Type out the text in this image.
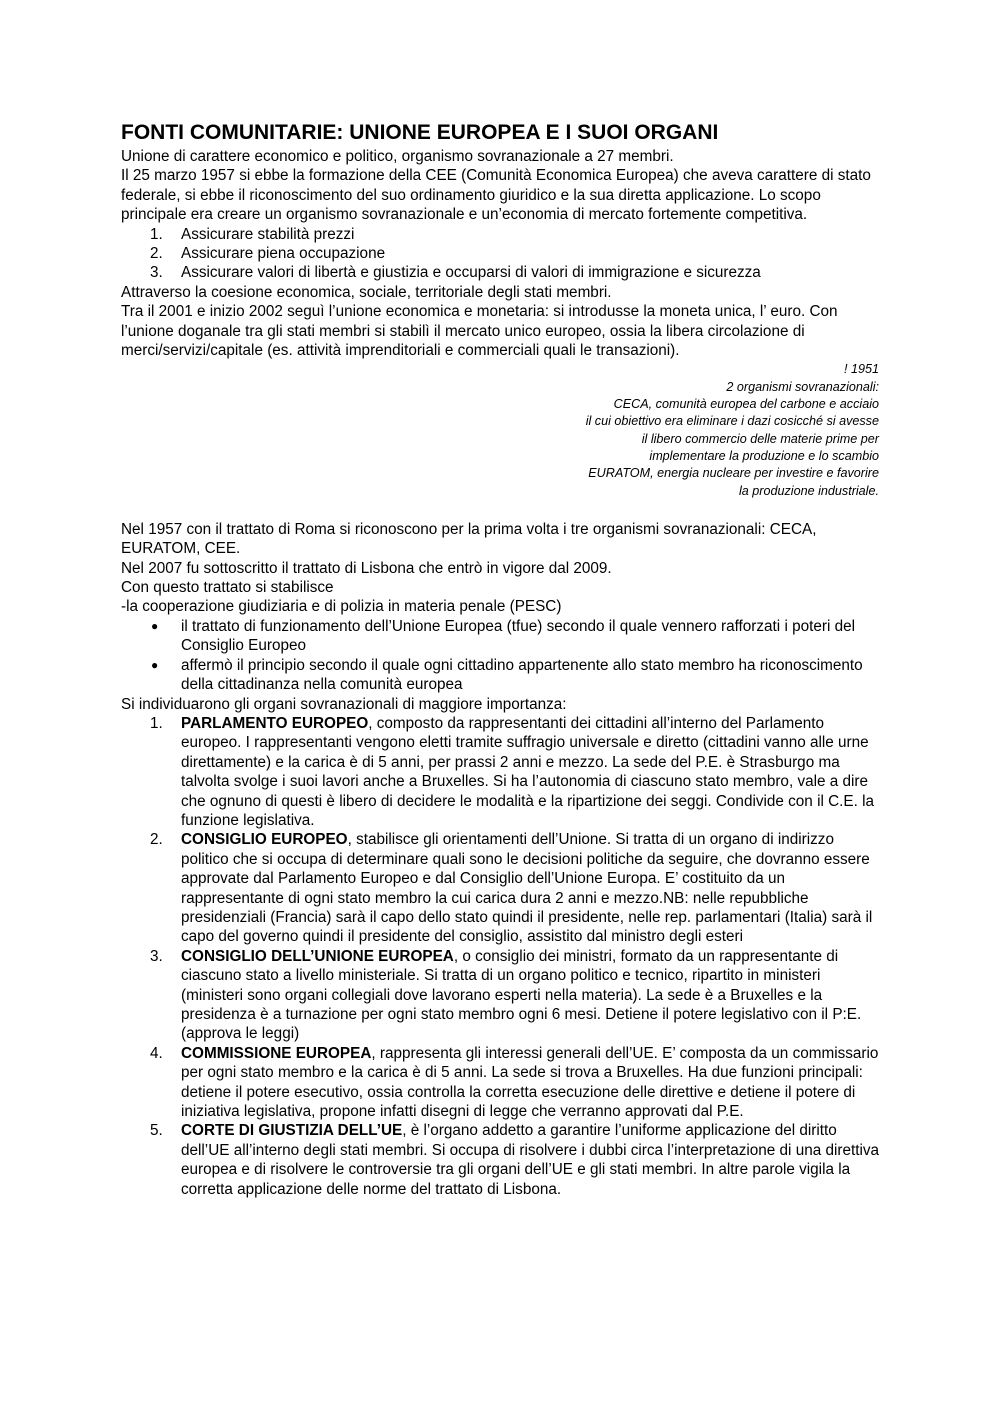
FONTI COMUNITARIE: UNIONE EUROPEA E I SUOI ORGANI

Unione di carattere economico e politico, organismo sovranazionale a 27 membri.

Il 25 marzo 1957 si ebbe la formazione della CEE (Comunità Economica Europea) che aveva carattere di stato federale, si ebbe il riconoscimento del suo ordinamento giuridico e la sua diretta applicazione. Lo scopo principale era creare un organismo sovranazionale e un’economia di mercato fortemente competitiva.

1.	Assicurare stabilità prezzi
2.	Assicurare piena occupazione
3.	Assicurare valori di libertà e giustizia e occuparsi di valori di immigrazione e sicurezza

Attraverso la coesione economica, sociale, territoriale degli stati membri.

Tra il 2001 e inizio 2002 seguì l’unione economica e monetaria: si introdusse la moneta unica, l’ euro. Con l’unione doganale tra gli stati membri si stabilì il mercato unico europeo, ossia la libera circolazione di merci/servizi/capitale (es. attività imprenditoriali e commerciali quali le transazioni).

! 1951
2 organismi sovranazionali:
CECA, comunità europea del carbone e acciaio
il cui obiettivo era eliminare i dazi cosicché si avesse
il libero commercio delle materie prime per
implementare la produzione e lo scambio
EURATOM, energia nucleare per investire e favorire
la produzione industriale.

Nel 1957 con il trattato di Roma si riconoscono per la prima volta i tre organismi sovranazionali: CECA, EURATOM, CEE.

Nel 2007 fu sottoscritto il trattato di Lisbona che entrò in vigore dal 2009.

Con questo trattato si stabilisce

-la cooperazione giudiziaria e di polizia in materia penale (PESC)

● il trattato di funzionamento dell’Unione Europea (tfue) secondo il quale vennero rafforzati i poteri del Consiglio Europeo
● affermò il principio secondo il quale ogni cittadino appartenente allo stato membro ha riconoscimento della cittadinanza nella comunità europea

Si individuarono gli organi sovranazionali di maggiore importanza:

1.	PARLAMENTO EUROPEO, composto da rappresentanti dei cittadini all’interno del Parlamento europeo. I rappresentanti vengono eletti tramite suffragio universale e diretto (cittadini vanno alle urne direttamente) e la carica è di 5 anni, per prassi 2 anni e mezzo. La sede del P.E. è Strasburgo ma talvolta svolge i suoi lavori anche a Bruxelles. Si ha l’autonomia di ciascuno stato membro, vale a dire che ognuno di questi è libero di decidere le modalità e la ripartizione dei seggi. Condivide con il C.E. la funzione legislativa.
2.	CONSIGLIO EUROPEO, stabilisce gli orientamenti dell’Unione. Si tratta di un organo di indirizzo politico che si occupa di determinare quali sono le decisioni politiche da seguire, che dovranno essere approvate dal Parlamento Europeo e dal Consiglio dell’Unione Europa. E’ costituito da un rappresentante di ogni stato membro la cui carica dura 2 anni e mezzo.NB: nelle repubbliche presidenziali (Francia) sarà il capo dello stato quindi il presidente, nelle rep. parlamentari (Italia) sarà il capo del governo quindi il presidente del consiglio, assistito dal ministro degli esteri
3.	CONSIGLIO DELL’UNIONE EUROPEA, o consiglio dei ministri, formato da un rappresentante di ciascuno stato a livello ministeriale. Si tratta di un organo politico e tecnico, ripartito in ministeri (ministeri sono organi collegiali dove lavorano esperti nella materia). La sede è a Bruxelles e la presidenza è a turnazione per ogni stato membro ogni 6 mesi. Detiene il potere legislativo con il P:E. (approva le leggi)
4.	COMMISSIONE EUROPEA, rappresenta gli interessi generali dell’UE. E’ composta da un commissario per ogni stato membro e la carica è di 5 anni. La sede si trova a Bruxelles. Ha due funzioni principali: detiene il potere esecutivo, ossia controlla la corretta esecuzione delle direttive e detiene il potere di iniziativa legislativa, propone infatti disegni di legge che verranno approvati dal P.E.
5.	CORTE DI GIUSTIZIA DELL’UE, è l’organo addetto a garantire l’uniforme applicazione del diritto dell’UE all’interno degli stati membri. Si occupa di risolvere i dubbi circa l’interpretazione di una direttiva europea e di risolvere le controversie tra gli organi dell’UE e gli stati membri. In altre parole vigila la corretta applicazione delle norme del trattato di Lisbona.
